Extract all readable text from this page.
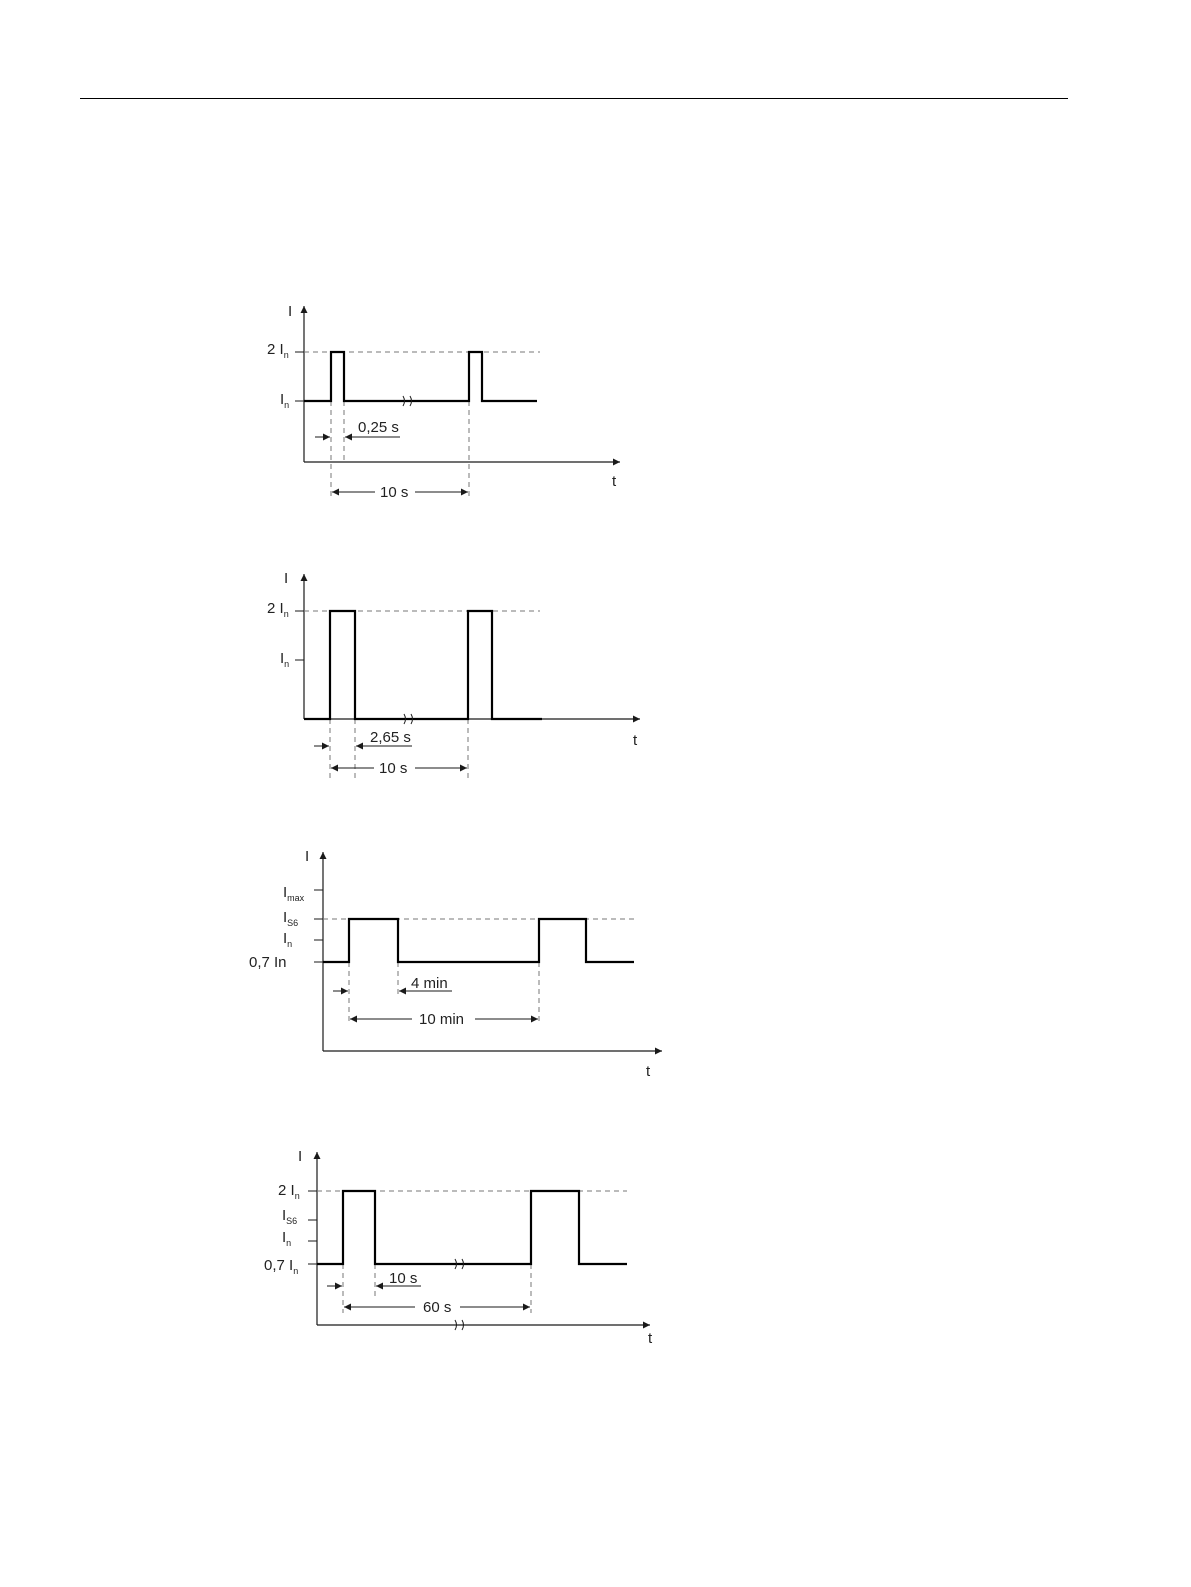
I
t
2 $I_n$
$I_n$
0,25 s
10 s
I
t
2 $I_n$
$I_n$
2,65 s
10 s
I
t
$I_{max}$
$I_{S6}$
$I_n$
0,7 In
4 min
10 min
I
t
2 $I_n$
$I_{S6}$
$I_n$
0,7 $I_n$	10 s
60 s
